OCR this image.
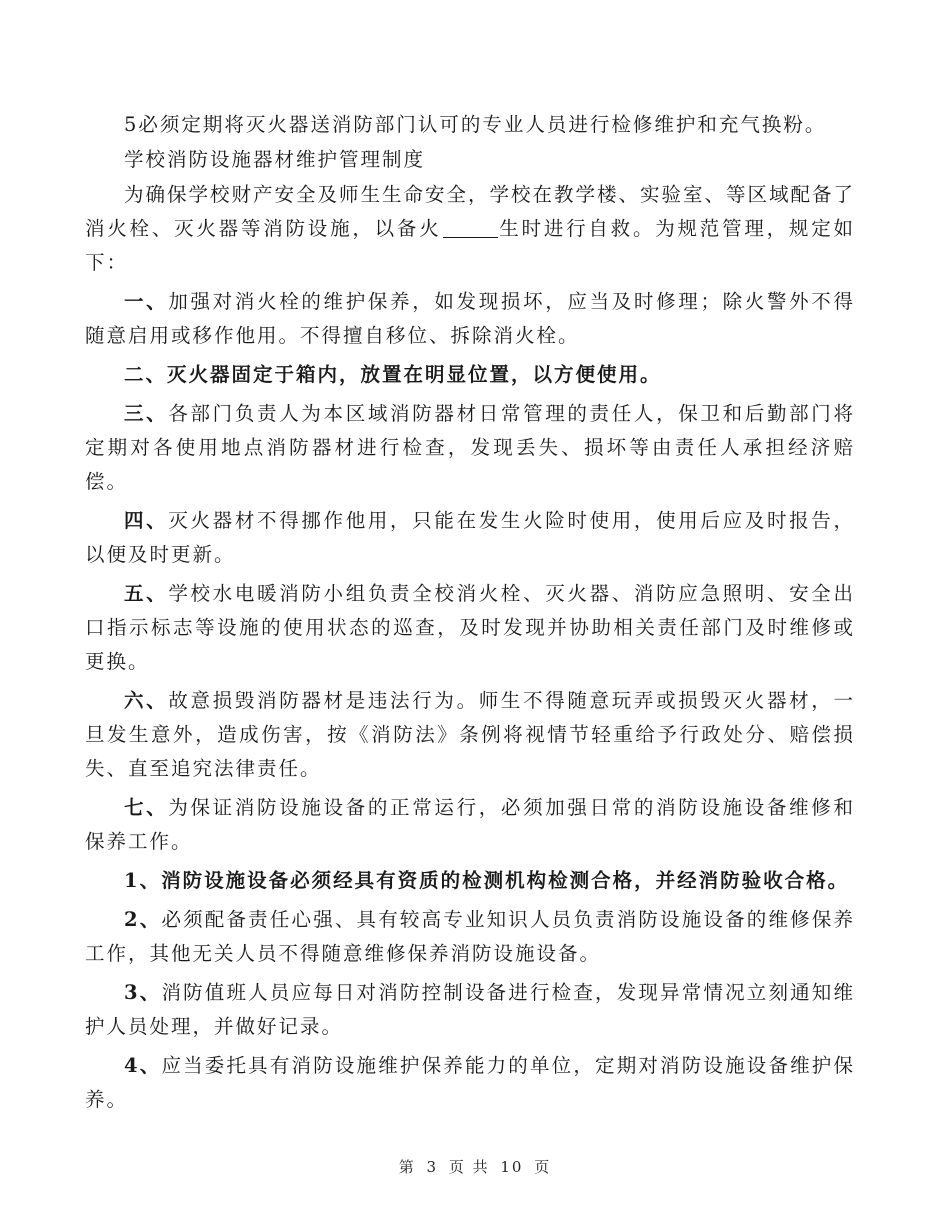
5必须定期将灭火器送消防部门认可的专业人员进行检修维护和充气换粉。

学校消防设施器材维护管理制度

为确保学校财产安全及师生生命安全，学校在教学楼、实验室、等区域配备了消火栓、灭火器等消防设施，以备火	生时进行自救。为规范管理，规定如下：

一、加强对消火栓的维护保养，如发现损坏，应当及时修理；除火警外不得随意启用或移作他用。不得擅自移位、拆除消火栓。

二、灭火器固定于箱内，放置在明显位置，以方便使用。

三、各部门负责人为本区域消防器材日常管理的责任人，保卫和后勤部门将定期对各使用地点消防器材进行检查，发现丢失、损坏等由责任人承担经济赔偿。

四、灭火器材不得挪作他用，只能在发生火险时使用，使用后应及时报告，以便及时更新。

五、学校水电暖消防小组负责全校消火栓、灭火器、消防应急照明、安全出口指示标志等设施的使用状态的巡查，及时发现并协助相关责任部门及时维修或更换。

六、故意损毁消防器材是违法行为。师生不得随意玩弄或损毁灭火器材，一旦发生意外，造成伤害，按《消防法》条例将视情节轻重给予行政处分、赔偿损失、直至追究法律责任。

七、为保证消防设施设备的正常运行，必须加强日常的消防设施设备维修和保养工作。

1、消防设施设备必须经具有资质的检测机构检测合格，并经消防验收合格。

2、必须配备责任心强、具有较高专业知识人员负责消防设施设备的维修保养工作，其他无关人员不得随意维修保养消防设施设备。

3、消防值班人员应每日对消防控制设备进行检查，发现异常情况立刻通知维护人员处理，并做好记录。

4、应当委托具有消防设施维护保养能力的单位，定期对消防设施设备维护保养。

第 3 页 共 10 页
